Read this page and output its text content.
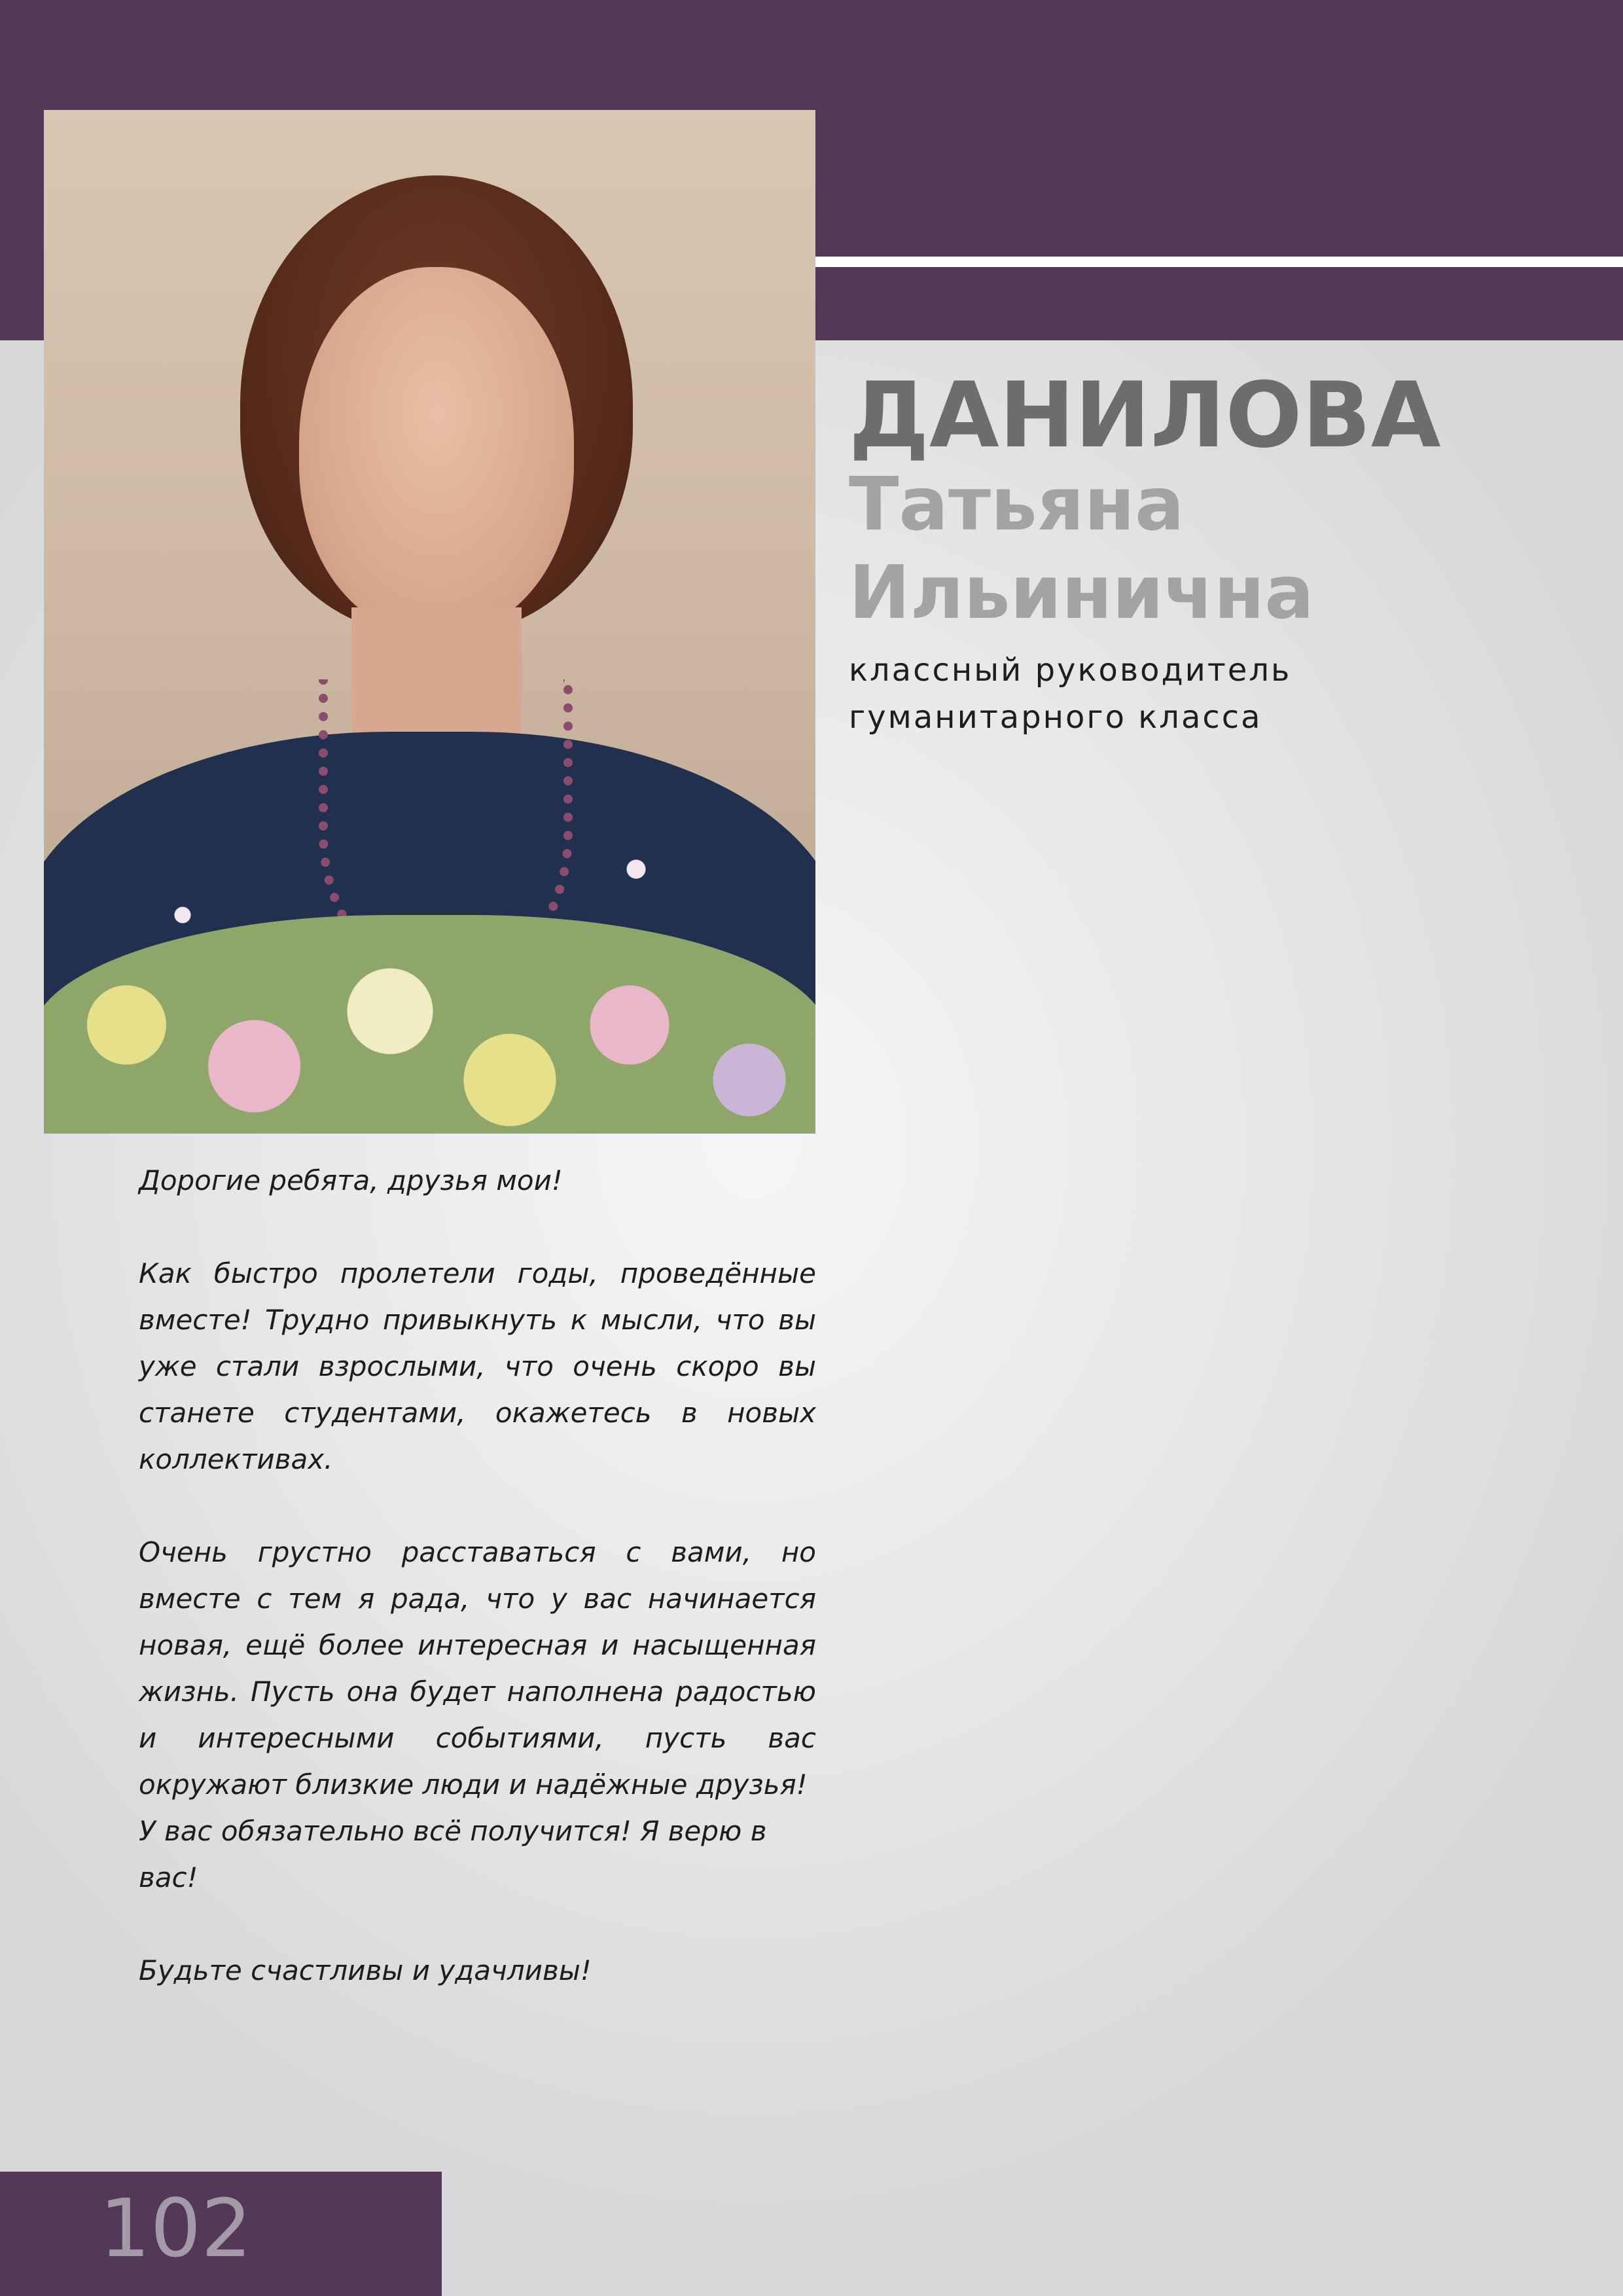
ДАНИЛОВА
Татьяна
Ильинична
классный руководитель
гуманитарного класса

Дорогие ребята, друзья мои!

Как быстро пролетели годы, проведённые вместе! Трудно привыкнуть к мысли, что вы уже стали взрослыми, что очень скоро вы станете студентами, окажетесь в новых коллективах.

Очень грустно расставаться с вами, но вместе с тем я рада, что у вас начинается новая, ещё более интересная и насыщенная жизнь. Пусть она будет наполнена радостью и интересными событиями, пусть вас окружают близкие люди и надёжные друзья!

У вас обязательно всё получится! Я верю в вас!

Будьте счастливы и удачливы!

102
